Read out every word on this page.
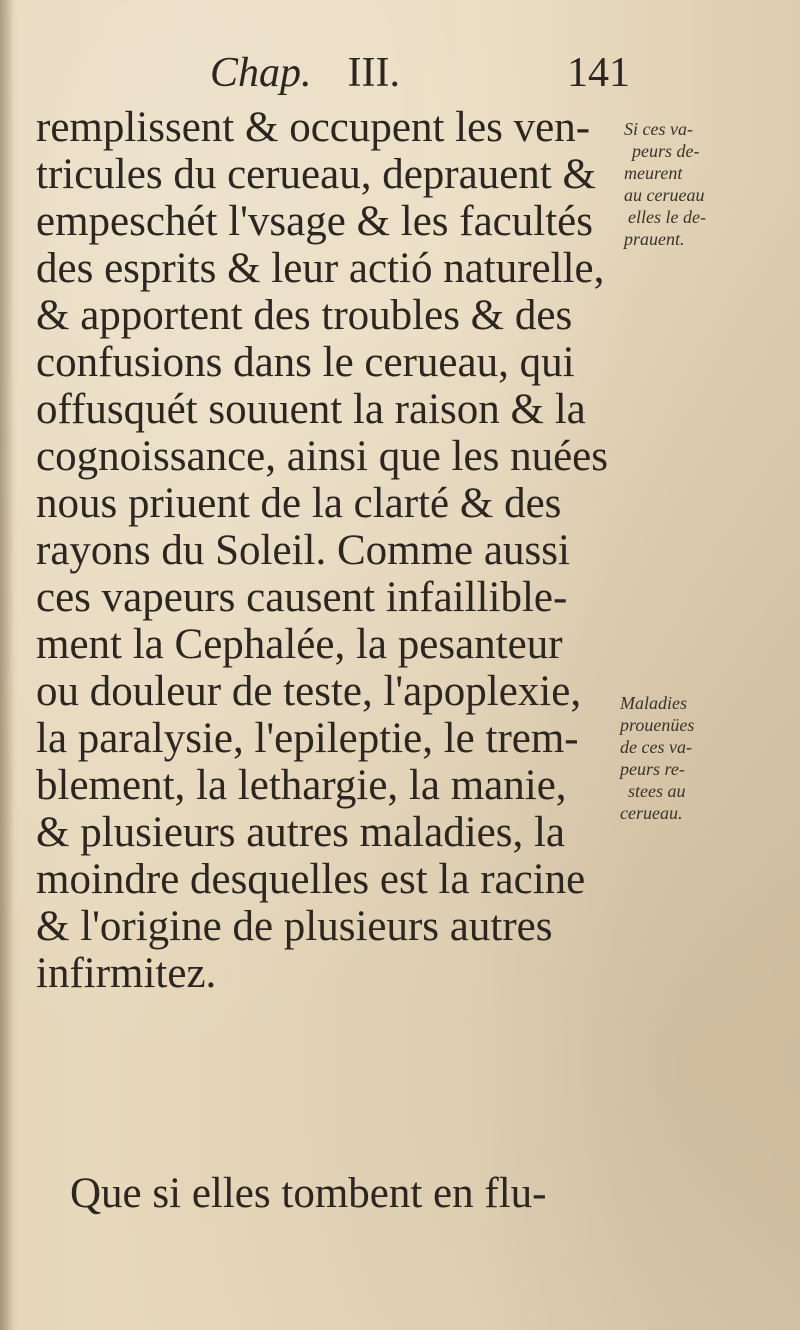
Chap. III.	141
remplissent & occupent les ven-
tricules du cerueau, deprauent &
empeschét l'vsage & les facultés
des esprits & leur actió naturelle,
& apportent des troubles & des
confusions dans le cerueau, qui
offusquét souuent la raison & la
cognoissance, ainsi que les nuées
nous priuent de la clarté & des
rayons du Soleil. Comme aussi
ces vapeurs causent infaillible-
ment la Cephalée, la pesanteur
ou douleur de teste, l'apoplexie,
la paralysie, l'epileptie, le trem-
blement, la lethargie, la manie,
& plusieurs autres maladies, la
moindre desquelles est la racine
& l'origine de plusieurs autres
infirmitez.
Que si elles tombent en flu-
Si ces va-
peurs de-
meurent
au cerueau
elles le de-
prauent.
Maladies
prouenües
de ces va-
peurs re-
stees au
cerueau.
